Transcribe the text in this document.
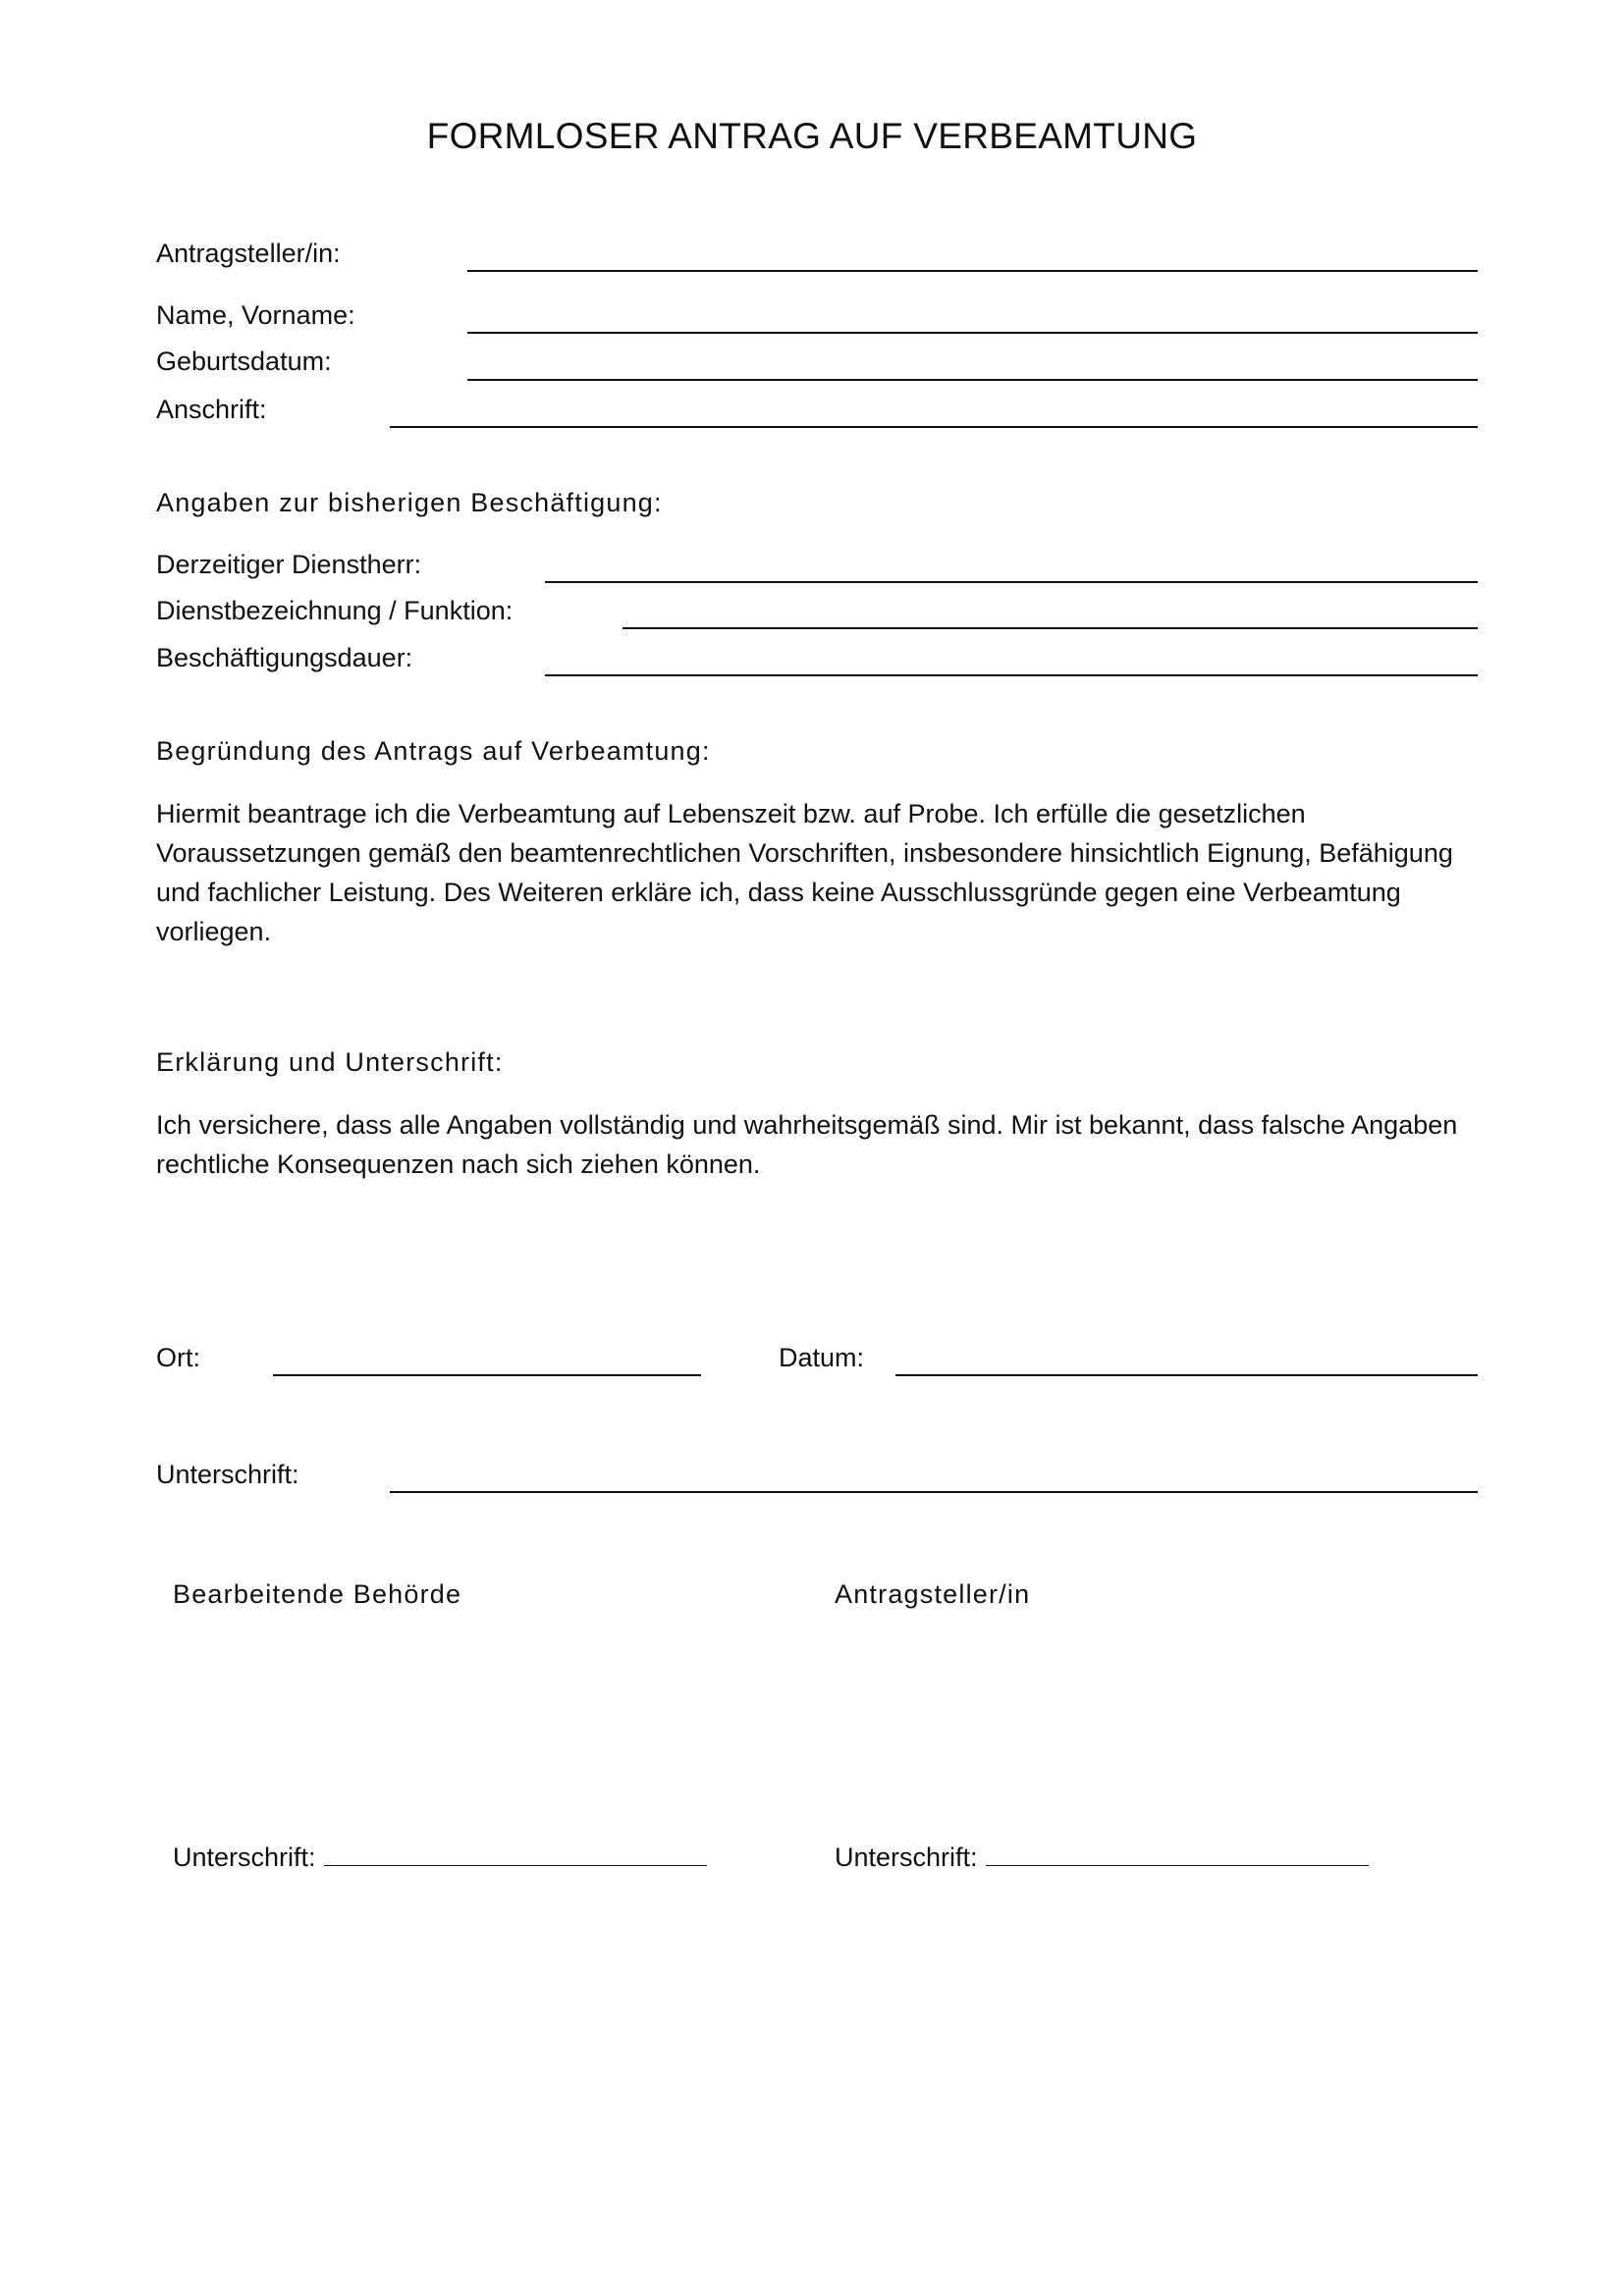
FORMLOSER ANTRAG AUF VERBEAMTUNG
Antragsteller/in:
Name, Vorname:
Geburtsdatum:
Anschrift:
Angaben zur bisherigen Beschäftigung:
Derzeitiger Dienstherr:
Dienstbezeichnung / Funktion:
Beschäftigungsdauer:
Begründung des Antrags auf Verbeamtung:
Hiermit beantrage ich die Verbeamtung auf Lebenszeit bzw. auf Probe. Ich erfülle die gesetzlichen Voraussetzungen gemäß den beamtenrechtlichen Vorschriften, insbesondere hinsichtlich Eignung, Befähigung und fachlicher Leistung. Des Weiteren erkläre ich, dass keine Ausschlussgründe gegen eine Verbeamtung vorliegen.
Erklärung und Unterschrift:
Ich versichere, dass alle Angaben vollständig und wahrheitsgemäß sind. Mir ist bekannt, dass falsche Angaben rechtliche Konsequenzen nach sich ziehen können.
Ort:	Datum:
Unterschrift:
Bearbeitende Behörde	Antragsteller/in
Unterschrift:	Unterschrift:
